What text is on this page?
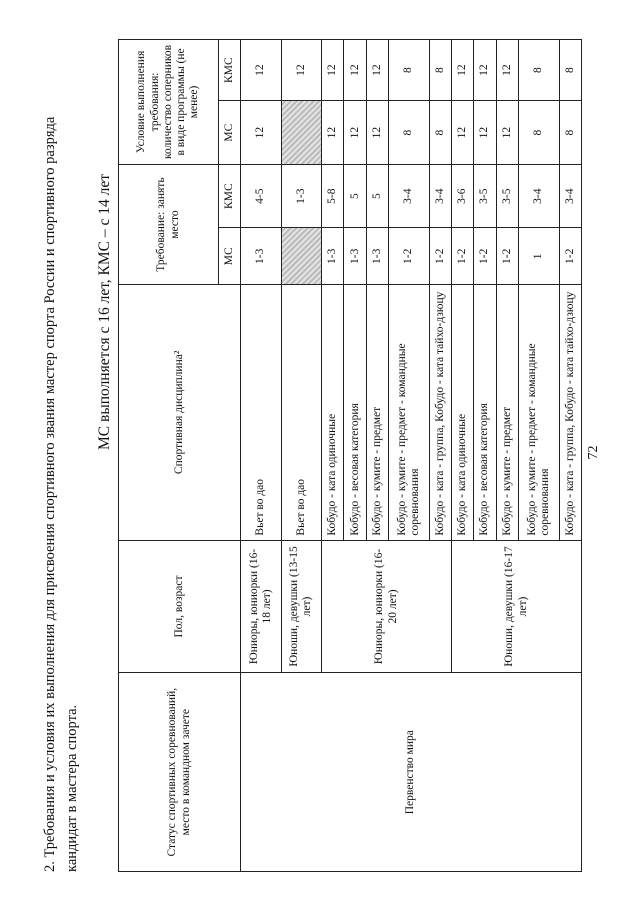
72
2. Требования и условия их выполнения для присвоения спортивного звания мастер спорта России и спортивного разряда кандидат в мастера спорта.
МС выполняется с 16 лет, КМС – с 14 лет
Статус спортивных соревнований, место в командном зачете	Пол, возраст	Спортивная дисциплина²	Требование: занять место		Условие выполнения требования: количество соперников в виде программы (не менее)	
			МС	КМС	МС	КМС
Первенство мира	Юниоры, юниорки (16-18 лет)	Вьет во дао	1-3	4-5	12	12
	Юноши, девушки (13-15 лет)	Вьет во дао		1-3		12
	Юниоры, юниорки (16-20 лет)	Кобудо - ката одиночные	1-3	5-8	12	12
		Кобудо - весовая категория	1-3	5	12	12
		Кобудо - кумите - предмет	1-3	5	12	12
		Кобудо - кумите - предмет - командные соревнования	1-2	3-4	8	8
		Кобудо - ката - группа, Кобудо - ката тайхо-дзюцу	1-2	3-4	8	8
	Юноши, девушки (16-17 лет)	Кобудо - ката одиночные	1-2	3-6	12	12
		Кобудо - весовая категория	1-2	3-5	12	12
		Кобудо - кумите - предмет	1-2	3-5	12	12
		Кобудо - кумите - предмет - командные соревнования	1	3-4	8	8
		Кобудо - ката - группа, Кобудо - ката тайхо-дзюцу	1-2	3-4	8	8
